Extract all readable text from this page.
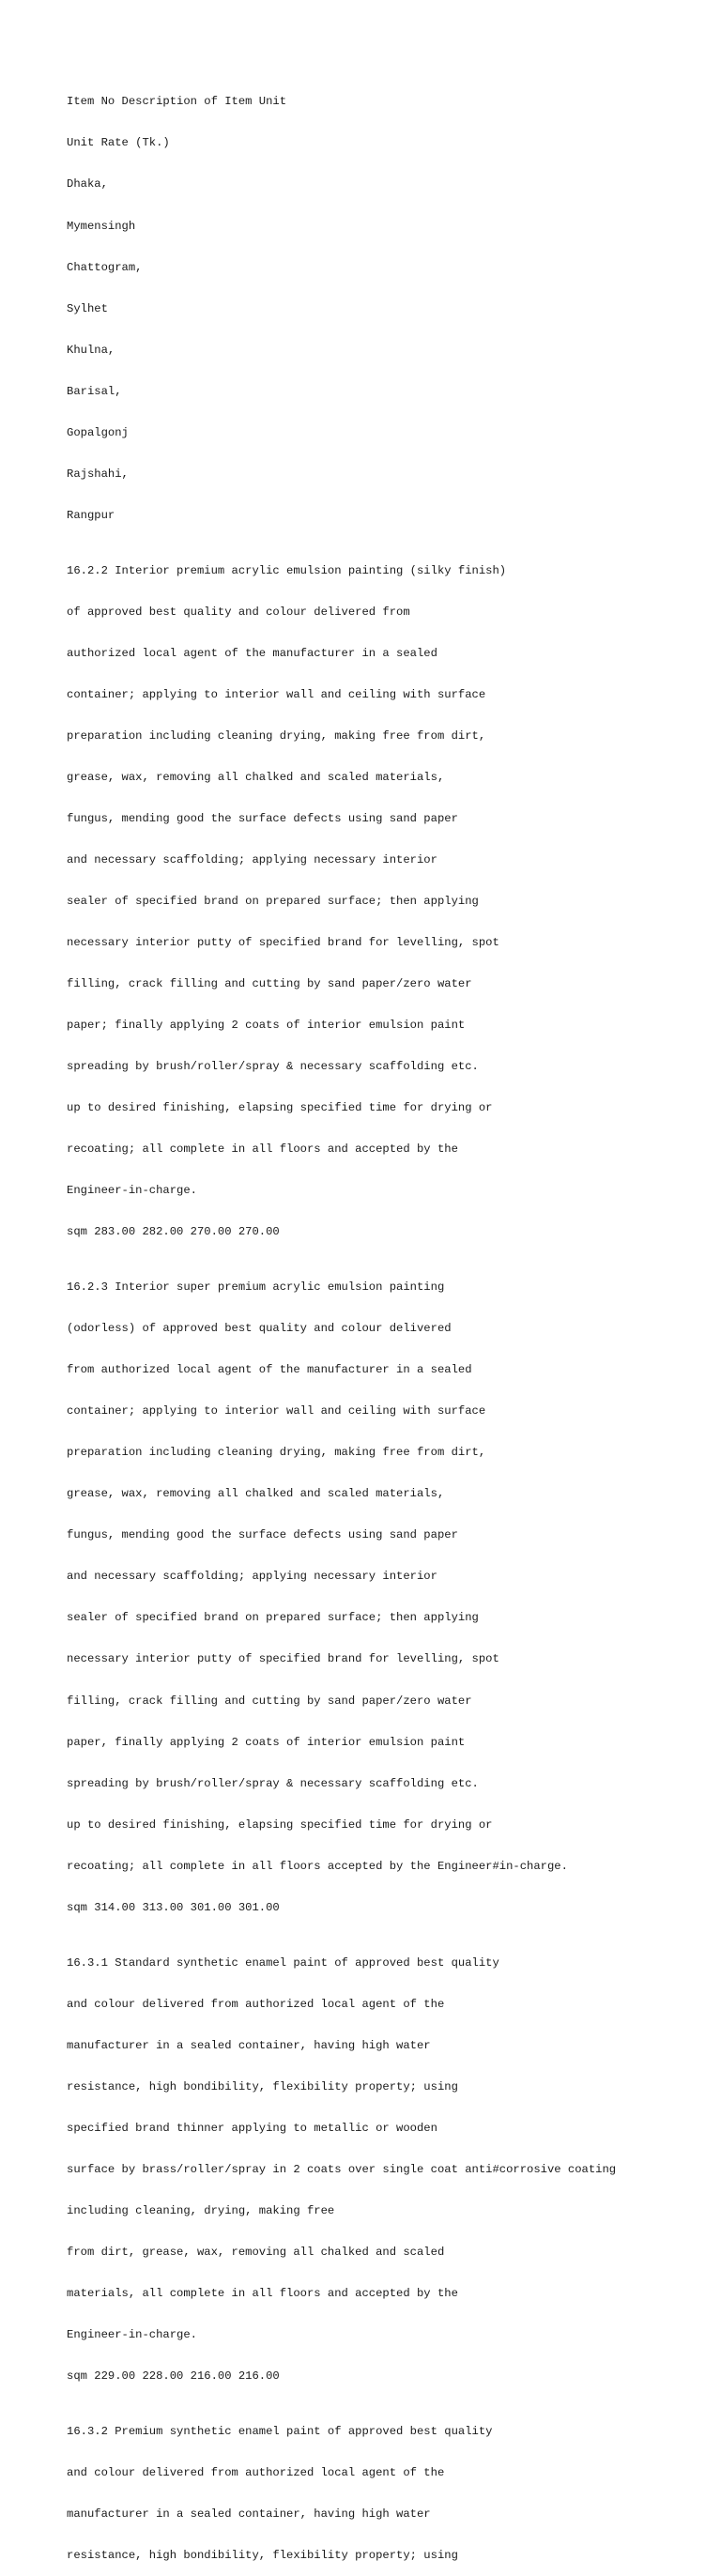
Item No Description of Item Unit

Unit Rate (Tk.)

Dhaka,

Mymensingh

Chattogram,

Sylhet

Khulna,

Barisal,

Gopalgonj

Rajshahi,

Rangpur

16.2.2 Interior premium acrylic emulsion painting (silky finish)

of approved best quality and colour delivered from

authorized local agent of the manufacturer in a sealed

container; applying to interior wall and ceiling with surface

preparation including cleaning drying, making free from dirt,

grease, wax, removing all chalked and scaled materials,

fungus, mending good the surface defects using sand paper

and necessary scaffolding; applying necessary interior

sealer of specified brand on prepared surface; then applying

necessary interior putty of specified brand for levelling, spot

filling, crack filling and cutting by sand paper/zero water

paper; finally applying 2 coats of interior emulsion paint

spreading by brush/roller/spray & necessary scaffolding etc.

up to desired finishing, elapsing specified time for drying or

recoating; all complete in all floors and accepted by the

Engineer-in-charge.

sqm 283.00 282.00 270.00 270.00

16.2.3 Interior super premium acrylic emulsion painting

(odorless) of approved best quality and colour delivered

from authorized local agent of the manufacturer in a sealed

container; applying to interior wall and ceiling with surface

preparation including cleaning drying, making free from dirt,

grease, wax, removing all chalked and scaled materials,

fungus, mending good the surface defects using sand paper

and necessary scaffolding; applying necessary interior

sealer of specified brand on prepared surface; then applying

necessary interior putty of specified brand for levelling, spot

filling, crack filling and cutting by sand paper/zero water

paper, finally applying 2 coats of interior emulsion paint

spreading by brush/roller/spray & necessary scaffolding etc.

up to desired finishing, elapsing specified time for drying or

recoating; all complete in all floors accepted by the Engineer#in-charge.

sqm 314.00 313.00 301.00 301.00

16.3.1 Standard synthetic enamel paint of approved best quality

and colour delivered from authorized local agent of the

manufacturer in a sealed container, having high water

resistance, high bondibility, flexibility property; using

specified brand thinner applying to metallic or wooden

surface by brass/roller/spray in 2 coats over single coat anti#corrosive coating

including cleaning, drying, making free

from dirt, grease, wax, removing all chalked and scaled

materials, all complete in all floors and accepted by the

Engineer-in-charge.

sqm 229.00 228.00 216.00 216.00

16.3.2 Premium synthetic enamel paint of approved best quality

and colour delivered from authorized local agent of the

manufacturer in a sealed container, having high water

resistance, high bondibility, flexibility property; using
